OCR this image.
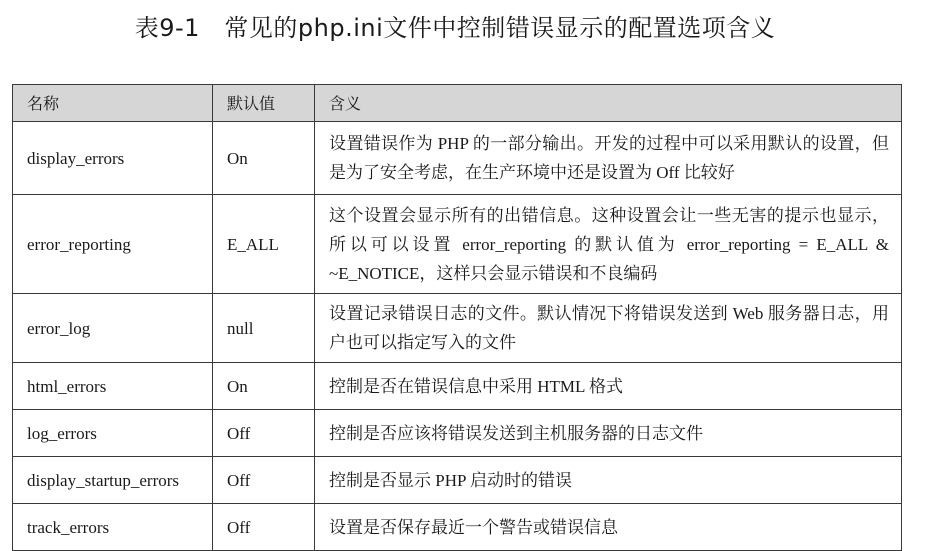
表9-1　常见的php.ini文件中控制错误显示的配置选项含义
名称	默认值	含义
display_errors	On	设置错误作为 PHP 的一部分输出。开发的过程中可以采用默认的设置，但是为了安全考虑，在生产环境中还是设置为 Off 比较好
error_reporting	E_ALL	这个设置会显示所有的出错信息。这种设置会让一些无害的提示也显示，所以可以设置 error_reporting 的默认值为 error_reporting = E_ALL & ~E_NOTICE，这样只会显示错误和不良编码
error_log	null	设置记录错误日志的文件。默认情况下将错误发送到 Web 服务器日志，用户也可以指定写入的文件
html_errors	On	控制是否在错误信息中采用 HTML 格式
log_errors	Off	控制是否应该将错误发送到主机服务器的日志文件
display_startup_errors	Off	控制是否显示 PHP 启动时的错误
track_errors	Off	设置是否保存最近一个警告或错误信息
